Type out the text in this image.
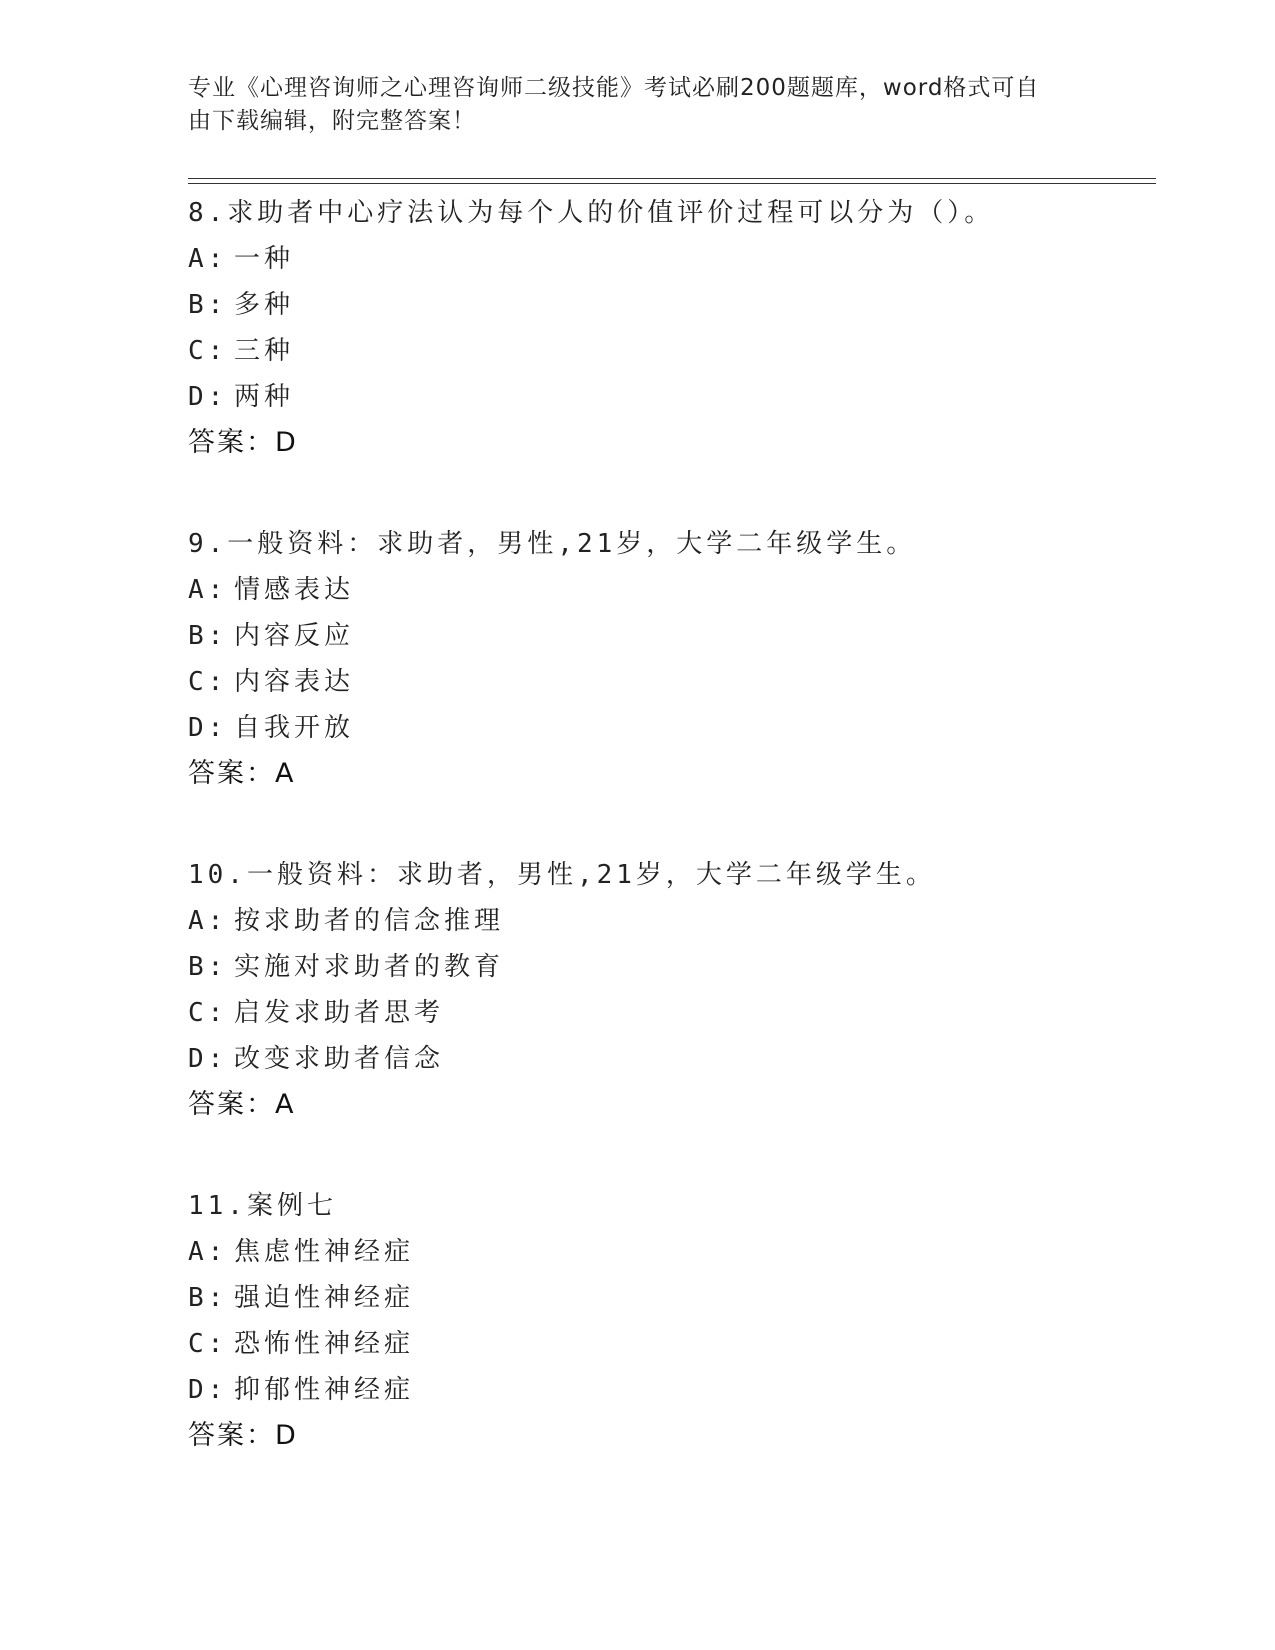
专业《心理咨询师之心理咨询师二级技能》考试必刷200题题库，word格式可自
由下载编辑，附完整答案！
8.求助者中心疗法认为每个人的价值评价过程可以分为（）。
A: 一种
B: 多种
C: 三种
D: 两种
答案：D
9.一般资料：求助者，男性,21岁，大学二年级学生。
A: 情感表达
B: 内容反应
C: 内容表达
D: 自我开放
答案：A
10.一般资料：求助者，男性,21岁，大学二年级学生。
A: 按求助者的信念推理
B: 实施对求助者的教育
C: 启发求助者思考
D: 改变求助者信念
答案：A
11.案例七
A: 焦虑性神经症
B: 强迫性神经症
C: 恐怖性神经症
D: 抑郁性神经症
答案：D
